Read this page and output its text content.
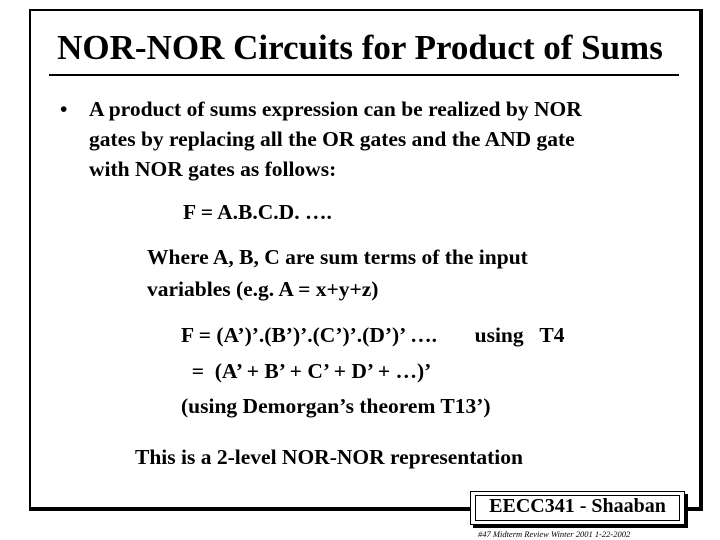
NOR-NOR Circuits for Product of Sums
• A product of sums expression can be realized by NOR
gates by replacing all the OR gates and the AND gate
with NOR gates as follows:
F = A.B.C.D. ….
Where A, B, C are sum terms of the input
variables (e.g. A = x+y+z)
F = (A’)’.(B’)’.(C’)’.(D’)’ ….       using   T4
=  (A’ + B’ + C’ + D’ + …)’
(using Demorgan’s theorem T13’)
This is a 2-level NOR-NOR representation
EECC341 - Shaaban
#47 Midterm Review Winter 2001 1-22-2002
